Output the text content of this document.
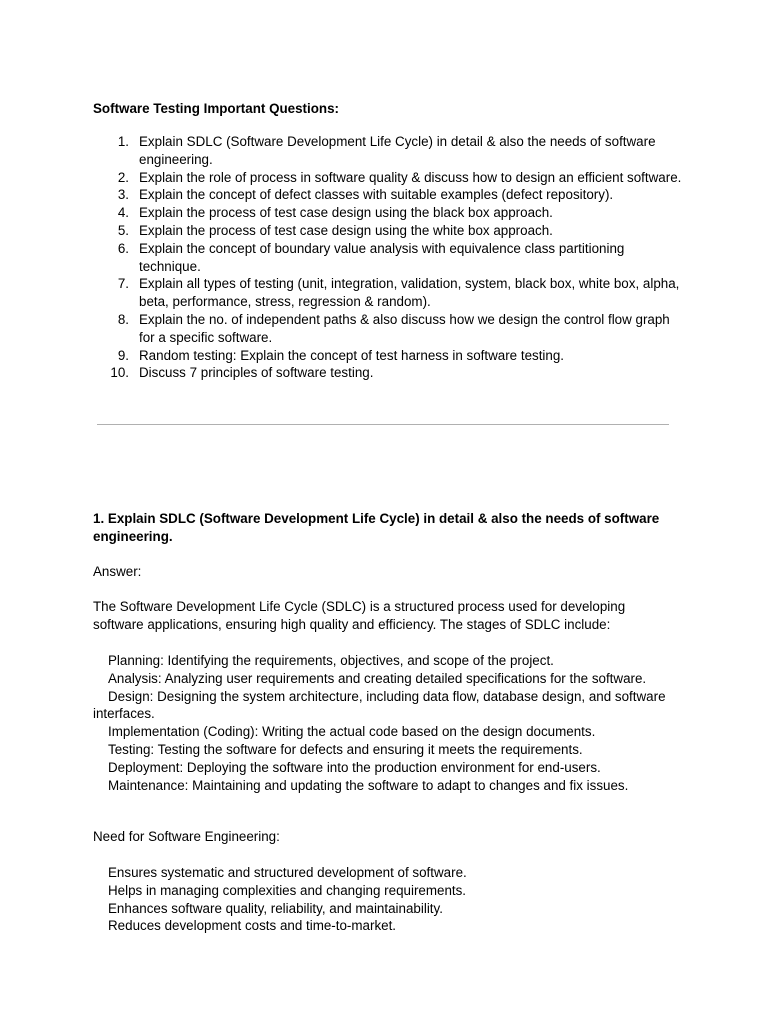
Software Testing Important Questions:

1. Explain SDLC (Software Development Life Cycle) in detail & also the needs of software engineering.
2. Explain the role of process in software quality & discuss how to design an efficient software.
3. Explain the concept of defect classes with suitable examples (defect repository).
4. Explain the process of test case design using the black box approach.
5. Explain the process of test case design using the white box approach.
6. Explain the concept of boundary value analysis with equivalence class partitioning technique.
7. Explain all types of testing (unit, integration, validation, system, black box, white box, alpha, beta, performance, stress, regression & random).
8. Explain the no. of independent paths & also discuss how we design the control flow graph for a specific software.
9. Random testing: Explain the concept of test harness in software testing.
10. Discuss 7 principles of software testing.

1. Explain SDLC (Software Development Life Cycle) in detail & also the needs of software engineering.

Answer:

The Software Development Life Cycle (SDLC) is a structured process used for developing software applications, ensuring high quality and efficiency. The stages of SDLC include:

Planning: Identifying the requirements, objectives, and scope of the project.
Analysis: Analyzing user requirements and creating detailed specifications for the software.
Design: Designing the system architecture, including data flow, database design, and software interfaces.
Implementation (Coding): Writing the actual code based on the design documents.
Testing: Testing the software for defects and ensuring it meets the requirements.
Deployment: Deploying the software into the production environment for end-users.
Maintenance: Maintaining and updating the software to adapt to changes and fix issues.

Need for Software Engineering:

Ensures systematic and structured development of software.
Helps in managing complexities and changing requirements.
Enhances software quality, reliability, and maintainability.
Reduces development costs and time-to-market.
